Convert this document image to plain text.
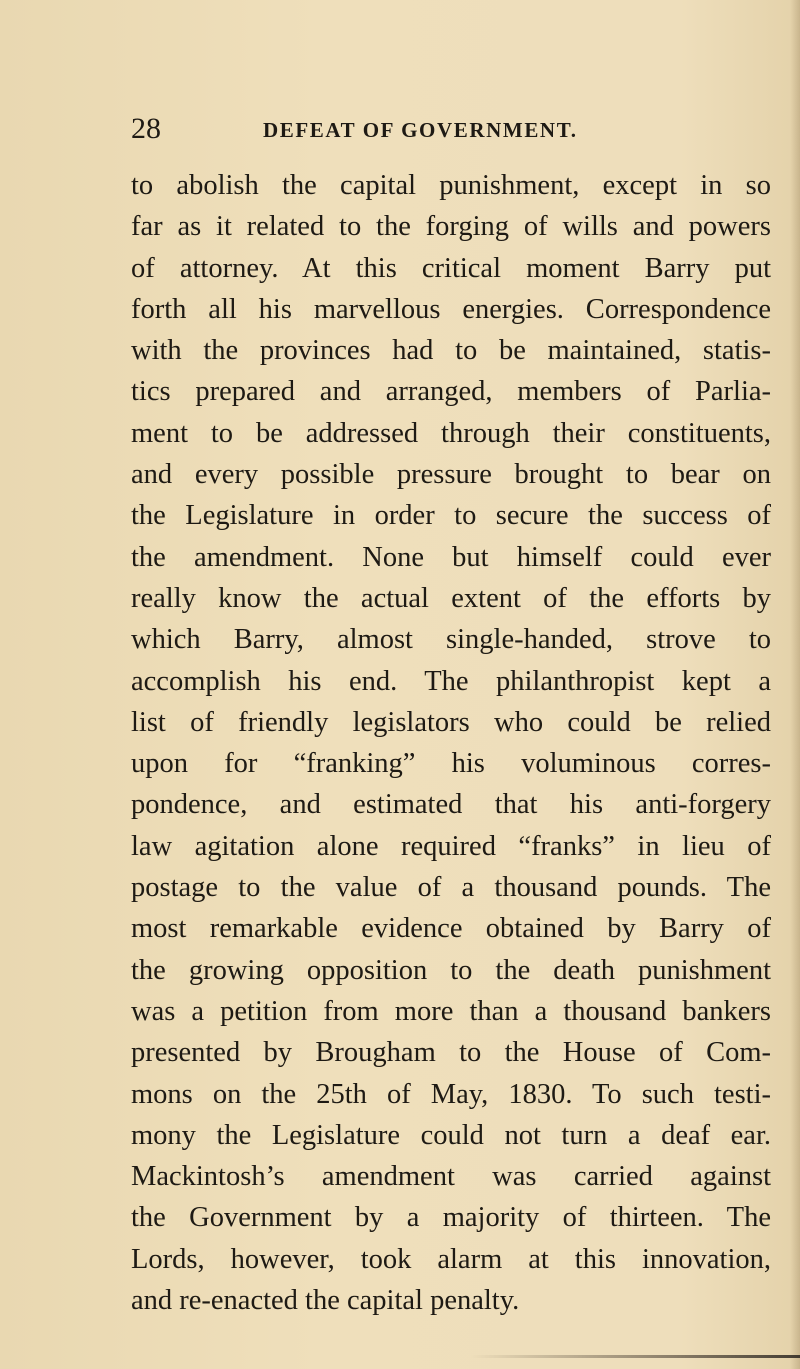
28	DEFEAT OF GOVERNMENT.
to abolish the capital punishment, except in so
far as it related to the forging of wills and powers
of attorney. At this critical moment Barry put
forth all his marvellous energies. Correspondence
with the provinces had to be maintained, statis-
tics prepared and arranged, members of Parlia-
ment to be addressed through their constituents,
and every possible pressure brought to bear on
the Legislature in order to secure the success of
the amendment. None but himself could ever
really know the actual extent of the efforts by
which Barry, almost single-handed, strove to
accomplish his end. The philanthropist kept a
list of friendly legislators who could be relied
upon for “franking” his voluminous corres-
pondence, and estimated that his anti-forgery
law agitation alone required “franks” in lieu of
postage to the value of a thousand pounds. The
most remarkable evidence obtained by Barry of
the growing opposition to the death punishment
was a petition from more than a thousand bankers
presented by Brougham to the House of Com-
mons on the 25th of May, 1830. To such testi-
mony the Legislature could not turn a deaf ear.
Mackintosh’s amendment was carried against
the Government by a majority of thirteen. The
Lords, however, took alarm at this innovation,
and re-enacted the capital penalty.
